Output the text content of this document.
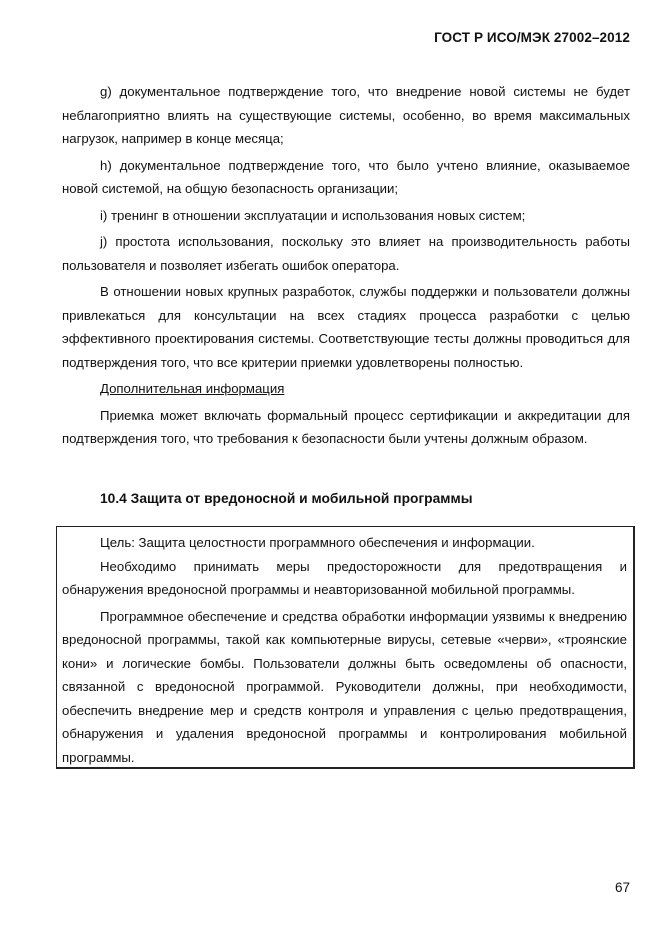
ГОСТ Р ИСО/МЭК 27002–2012

g) документальное подтверждение того, что внедрение новой системы не будет неблагоприятно влиять на существующие системы, особенно, во время максимальных нагрузок, например в конце месяца;

h) документальное подтверждение того, что было учтено влияние, оказываемое новой системой, на общую безопасность организации;

i) тренинг в отношении эксплуатации и использования новых систем;

j) простота использования, поскольку это влияет на производительность работы пользователя и позволяет избегать ошибок оператора.

В отношении новых крупных разработок, службы поддержки и пользователи должны привлекаться для консультации на всех стадиях процесса разработки с целью эффективного проектирования системы. Соответствующие тесты должны проводиться для подтверждения того, что все критерии приемки удовлетворены полностью.

Дополнительная информация

Приемка может включать формальный процесс сертификации и аккредитации для подтверждения того, что требования к безопасности были учтены должным образом.

10.4 Защита от вредоносной и мобильной программы

Цель: Защита целостности программного обеспечения и информации.

Необходимо принимать меры предосторожности для предотвращения и обнаружения вредоносной программы и неавторизованной мобильной программы.

Программное обеспечение и средства обработки информации уязвимы к внедрению вредоносной программы, такой как компьютерные вирусы, сетевые «черви», «троянские кони» и логические бомбы. Пользователи должны быть осведомлены об опасности, связанной с вредоносной программой. Руководители должны, при необходимости, обеспечить внедрение мер и средств контроля и управления с целью предотвращения, обнаружения и удаления вредоносной программы и контролирования мобильной программы.

67
